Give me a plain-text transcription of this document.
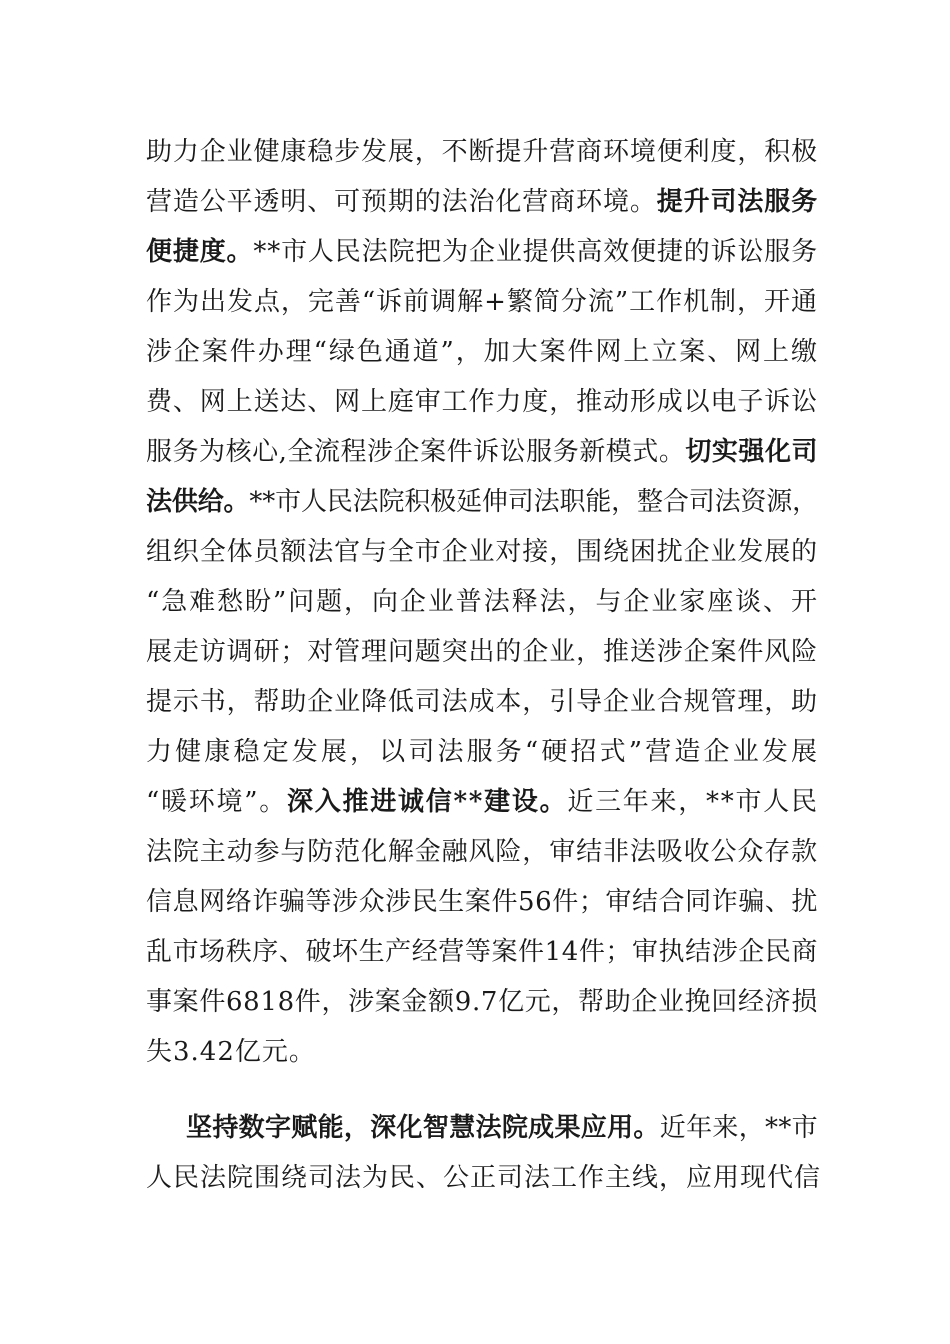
助力企业健康稳步发展，不断提升营商环境便利度，积极
营造公平透明、可预期的法治化营商环境。 提升司法服务
便捷度。 **市人民法院把为企业提供高效便捷的诉讼服务
作为出发点，完善“诉前调解+繁简分流”工作机制，开通
涉企案件办理“绿色通道”，加大案件网上立案、网上缴
费、网上送达、网上庭审工作力度，推动形成以电子诉讼
服务为核心,全流程涉企案件诉讼服务新模式。 切实强化司
法供给。 **市人民法院积极延伸司法职能，整合司法资源，
组织全体员额法官与全市企业对接，围绕困扰企业发展的
“急难愁盼”问题，向企业普法释法，与企业家座谈、开
展走访调研；对管理问题突出的企业，推送涉企案件风险
提示书，帮助企业降低司法成本，引导企业合规管理，助
力健康稳定发展，以司法服务“硬招式”营造企业发展
“暖环境”。 深入推进诚信**建设。 近三年来，**市人民
法院主动参与防范化解金融风险，审结非法吸收公众存款
信息网络诈骗等涉众涉民生案件56件；审结合同诈骗、扰
乱市场秩序、破坏生产经营等案件14件；审执结涉企民商
事案件6818件，涉案金额9.7亿元，帮助企业挽回经济损
失3.42亿元。
坚持数字赋能，深化智慧法院成果应用。 近年来，**市
人民法院围绕司法为民、公正司法工作主线，应用现代信
